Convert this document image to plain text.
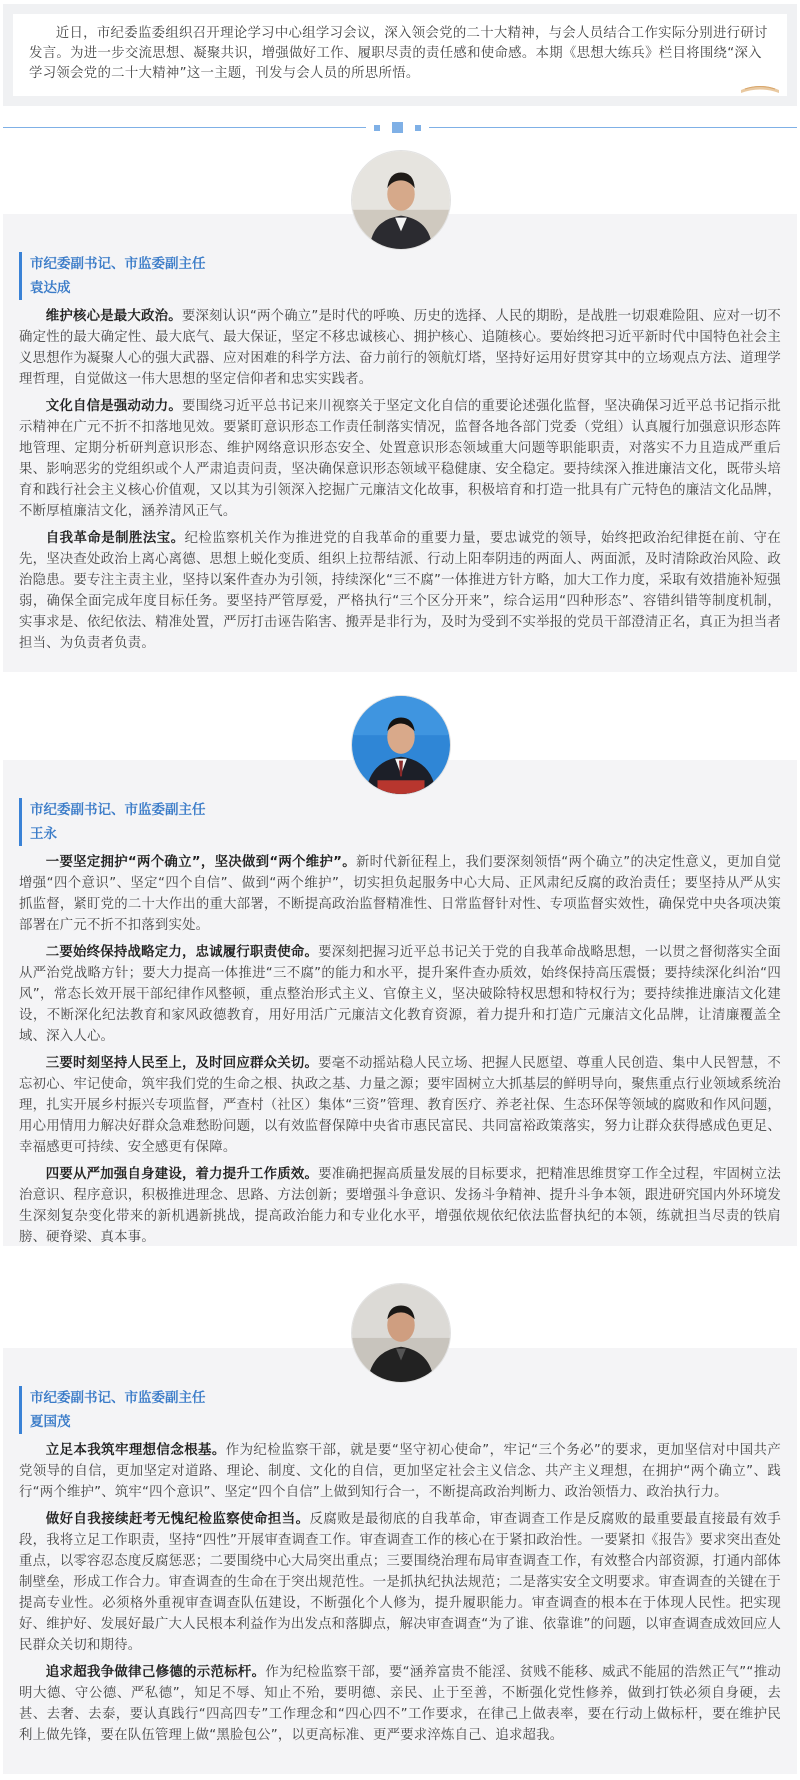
近日，市纪委监委组织召开理论学习中心组学习会议，深入领会党的二十大精神，与会人员结合工作实际分别进行研讨发言。为进一步交流思想、凝聚共识，增强做好工作、履职尽责的责任感和使命感。本期《思想大练兵》栏目将围绕“深入学习领会党的二十大精神”这一主题，刊发与会人员的所思所悟。

市纪委副书记、市监委副主任
袁达成

维护核心是最大政治。要深刻认识“两个确立”是时代的呼唤、历史的选择、人民的期盼，是战胜一切艰难险阻、应对一切不确定性的最大确定性、最大底气、最大保证，坚定不移忠诚核心、拥护核心、追随核心。要始终把习近平新时代中国特色社会主义思想作为凝聚人心的强大武器、应对困难的科学方法、奋力前行的领航灯塔，坚持好运用好贯穿其中的立场观点方法、道理学理哲理，自觉做这一伟大思想的坚定信仰者和忠实实践者。

文化自信是强动动力。要围绕习近平总书记来川视察关于坚定文化自信的重要论述强化监督，坚决确保习近平总书记指示批示精神在广元不折不扣落地见效。要紧盯意识形态工作责任制落实情况，监督各地各部门党委（党组）认真履行加强意识形态阵地管理、定期分析研判意识形态、维护网络意识形态安全、处置意识形态领域重大问题等职能职责，对落实不力且造成严重后果、影响恶劣的党组织或个人严肃追责问责，坚决确保意识形态领域平稳健康、安全稳定。要持续深入推进廉洁文化，既带头培育和践行社会主义核心价值观，又以其为引领深入挖掘广元廉洁文化故事，积极培育和打造一批具有广元特色的廉洁文化品牌，不断厚植廉洁文化，涵养清风正气。

自我革命是制胜法宝。纪检监察机关作为推进党的自我革命的重要力量，要忠诚党的领导，始终把政治纪律挺在前、守在先，坚决查处政治上离心离德、思想上蜕化变质、组织上拉帮结派、行动上阳奉阴违的两面人、两面派，及时清除政治风险、政治隐患。要专注主责主业，坚持以案件查办为引领，持续深化“三不腐”一体推进方针方略，加大工作力度，采取有效措施补短强弱，确保全面完成年度目标任务。要坚持严管厚爱，严格执行“三个区分开来”，综合运用“四种形态”、容错纠错等制度机制，实事求是、依纪依法、精准处置，严厉打击诬告陷害、搬弄是非行为，及时为受到不实举报的党员干部澄清正名，真正为担当者担当、为负责者负责。

市纪委副书记、市监委副主任
王永

一要坚定拥护“两个确立”，坚决做到“两个维护”。新时代新征程上，我们要深刻领悟“两个确立”的决定性意义，更加自觉增强“四个意识”、坚定“四个自信”、做到“两个维护”，切实担负起服务中心大局、正风肃纪反腐的政治责任；要坚持从严从实抓监督，紧盯党的二十大作出的重大部署，不断提高政治监督精准性、日常监督针对性、专项监督实效性，确保党中央各项决策部署在广元不折不扣落到实处。

二要始终保持战略定力，忠诚履行职责使命。要深刻把握习近平总书记关于党的自我革命战略思想，一以贯之督彻落实全面从严治党战略方针；要大力提高一体推进“三不腐”的能力和水平，提升案件查办质效，始终保持高压震慑；要持续深化纠治“四风”，常态长效开展干部纪律作风整顿，重点整治形式主义、官僚主义，坚决破除特权思想和特权行为；要持续推进廉洁文化建设，不断深化纪法教育和家风政德教育，用好用活广元廉洁文化教育资源，着力提升和打造广元廉洁文化品牌，让清廉覆盖全域、深入人心。

三要时刻坚持人民至上，及时回应群众关切。要毫不动摇站稳人民立场、把握人民愿望、尊重人民创造、集中人民智慧，不忘初心、牢记使命，筑牢我们党的生命之根、执政之基、力量之源；要牢固树立大抓基层的鲜明导向，聚焦重点行业领域系统治理，扎实开展乡村振兴专项监督，严查村（社区）集体“三资”管理、教育医疗、养老社保、生态环保等领域的腐败和作风问题，用心用情用力解决好群众急难愁盼问题，以有效监督保障中央省市惠民富民、共同富裕政策落实，努力让群众获得感成色更足、幸福感更可持续、安全感更有保障。

四要从严加强自身建设，着力提升工作质效。要准确把握高质量发展的目标要求，把精准思维贯穿工作全过程，牢固树立法治意识、程序意识，积极推进理念、思路、方法创新；要增强斗争意识、发扬斗争精神、提升斗争本领，跟进研究国内外环境发生深刻复杂变化带来的新机遇新挑战，提高政治能力和专业化水平，增强依规依纪依法监督执纪的本领，练就担当尽责的铁肩膀、硬脊梁、真本事。

市纪委副书记、市监委副主任
夏国茂

立足本我筑牢理想信念根基。作为纪检监察干部，就是要“坚守初心使命”，牢记“三个务必”的要求，更加坚信对中国共产党领导的自信，更加坚定对道路、理论、制度、文化的自信，更加坚定社会主义信念、共产主义理想，在拥护“两个确立”、践行“两个维护”、筑牢“四个意识”、坚定“四个自信”上做到知行合一，不断提高政治判断力、政治领悟力、政治执行力。

做好自我接续赶考无愧纪检监察使命担当。反腐败是最彻底的自我革命，审查调查工作是反腐败的最重要最直接最有效手段，我将立足工作职责，坚持“四性”开展审查调查工作。审查调查工作的核心在于紧扣政治性。一要紧扣《报告》要求突出查处重点，以零容忍态度反腐惩恶；二要围绕中心大局突出重点；三要围绕治理布局审查调查工作，有效整合内部资源，打通内部体制壁垒，形成工作合力。审查调查的生命在于突出规范性。一是抓执纪执法规范；二是落实安全文明要求。审查调查的关键在于提高专业性。必须格外重视审查调查队伍建设，不断强化个人修为，提升履职能力。审查调查的根本在于体现人民性。把实现好、维护好、发展好最广大人民根本利益作为出发点和落脚点，解决审查调查“为了谁、依靠谁”的问题，以审查调查成效回应人民群众关切和期待。

追求超我争做律己修德的示范标杆。作为纪检监察干部，要“涵养富贵不能淫、贫贱不能移、威武不能屈的浩然正气”“推动明大德、守公德、严私德”，知足不辱、知止不殆，要明德、亲民、止于至善，不断强化党性修养，做到打铁必须自身硬，去甚、去奢、去泰，要认真践行“四高四专”工作理念和“四心四不”工作要求，在律己上做表率，要在行动上做标杆，要在维护民利上做先锋，要在队伍管理上做“黑脸包公”，以更高标准、更严要求淬炼自己、追求超我。
